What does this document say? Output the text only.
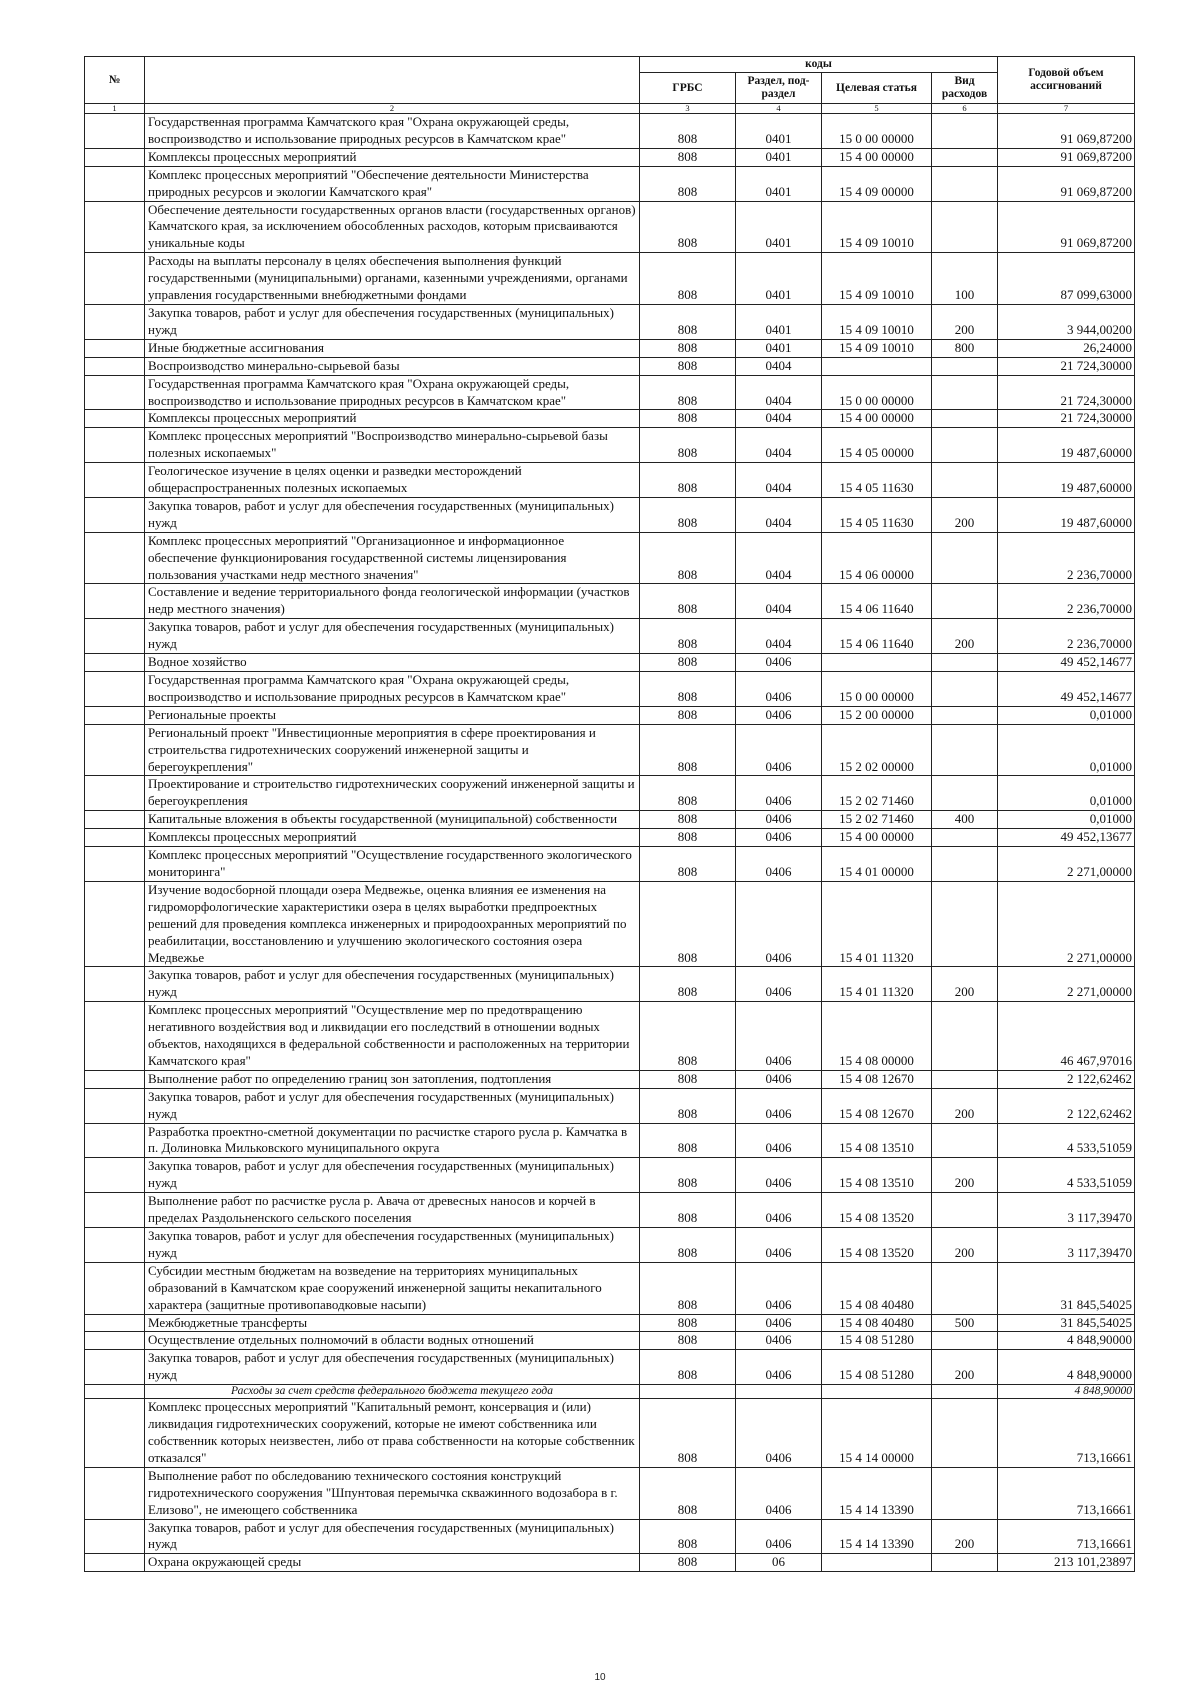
№		коды				Годовой объем ассигнований
		ГРБС	Раздел, под-раздел	Целевая статья	Вид расходов	
1	2	3	4	5	6	7
	Государственная программа Камчатского края "Охрана окружающей среды, воспроизводство и использование природных ресурсов в Камчатском крае"	808	0401	15 0 00 00000		91 069,87200
	Комплексы процессных мероприятий	808	0401	15 4 00 00000		91 069,87200
	Комплекс процессных мероприятий "Обеспечение деятельности Министерства природных ресурсов и экологии Камчатского края"	808	0401	15 4 09 00000		91 069,87200
	Обеспечение деятельности государственных органов власти (государственных органов) Камчатского края, за исключением обособленных расходов, которым присваиваются уникальные коды	808	0401	15 4 09 10010		91 069,87200
	Расходы на выплаты персоналу в целях обеспечения выполнения функций государственными (муниципальными) органами, казенными учреждениями, органами управления государственными внебюджетными фондами	808	0401	15 4 09 10010	100	87 099,63000
	Закупка товаров, работ и услуг для обеспечения государственных (муниципальных) нужд	808	0401	15 4 09 10010	200	3 944,00200
	Иные бюджетные ассигнования	808	0401	15 4 09 10010	800	26,24000
	Воспроизводство минерально-сырьевой базы	808	0404			21 724,30000
	Государственная программа Камчатского края "Охрана окружающей среды, воспроизводство и использование природных ресурсов в Камчатском крае"	808	0404	15 0 00 00000		21 724,30000
	Комплексы процессных мероприятий	808	0404	15 4 00 00000		21 724,30000
	Комплекс процессных мероприятий "Воспроизводство минерально-сырьевой базы полезных ископаемых"	808	0404	15 4 05 00000		19 487,60000
	Геологическое изучение в целях оценки и разведки месторождений общераспространенных полезных ископаемых	808	0404	15 4 05 11630		19 487,60000
	Закупка товаров, работ и услуг для обеспечения государственных (муниципальных) нужд	808	0404	15 4 05 11630	200	19 487,60000
	Комплекс процессных мероприятий "Организационное и информационное обеспечение функционирования государственной системы лицензирования пользования участками недр местного значения"	808	0404	15 4 06 00000		2 236,70000
	Составление и ведение территориального фонда геологической информации (участков недр местного значения)	808	0404	15 4 06 11640		2 236,70000
	Закупка товаров, работ и услуг для обеспечения государственных (муниципальных) нужд	808	0404	15 4 06 11640	200	2 236,70000
	Водное хозяйство	808	0406			49 452,14677
	Государственная программа Камчатского края "Охрана окружающей среды, воспроизводство и использование природных ресурсов в Камчатском крае"	808	0406	15 0 00 00000		49 452,14677
	Региональные проекты	808	0406	15 2 00 00000		0,01000
	Региональный проект "Инвестиционные мероприятия в сфере проектирования и строительства гидротехнических сооружений инженерной защиты и берегоукрепления"	808	0406	15 2 02 00000		0,01000
	Проектирование и строительство гидротехнических сооружений инженерной защиты и берегоукрепления	808	0406	15 2 02 71460		0,01000
	Капитальные вложения в объекты государственной (муниципальной) собственности	808	0406	15 2 02 71460	400	0,01000
	Комплексы процессных мероприятий	808	0406	15 4 00 00000		49 452,13677
	Комплекс процессных мероприятий "Осуществление государственного экологического мониторинга"	808	0406	15 4 01 00000		2 271,00000
	Изучение водосборной площади озера Медвежье, оценка влияния ее изменения на гидроморфологические характеристики озера в целях выработки предпроектных решений для проведения комплекса инженерных и природоохранных мероприятий по реабилитации, восстановлению и улучшению экологического состояния озера Медвежье	808	0406	15 4 01 11320		2 271,00000
	Закупка товаров, работ и услуг для обеспечения государственных (муниципальных) нужд	808	0406	15 4 01 11320	200	2 271,00000
	Комплекс процессных мероприятий "Осуществление мер по предотвращению негативного воздействия вод и ликвидации его последствий в отношении водных объектов, находящихся в федеральной собственности и расположенных на территории Камчатского края"	808	0406	15 4 08 00000		46 467,97016
	Выполнение работ по определению границ зон затопления, подтопления	808	0406	15 4 08 12670		2 122,62462
	Закупка товаров, работ и услуг для обеспечения государственных (муниципальных) нужд	808	0406	15 4 08 12670	200	2 122,62462
	Разработка проектно-сметной документации по расчистке старого русла р. Камчатка в п. Долиновка Мильковского муниципального округа	808	0406	15 4 08 13510		4 533,51059
	Закупка товаров, работ и услуг для обеспечения государственных (муниципальных) нужд	808	0406	15 4 08 13510	200	4 533,51059
	Выполнение работ по расчистке русла р. Авача от древесных наносов и корчей в пределах Раздольненского сельского поселения	808	0406	15 4 08 13520		3 117,39470
	Закупка товаров, работ и услуг для обеспечения государственных (муниципальных) нужд	808	0406	15 4 08 13520	200	3 117,39470
	Субсидии местным бюджетам на возведение на территориях муниципальных образований в Камчатском крае сооружений инженерной защиты некапитального характера (защитные противопаводковые насыпи)	808	0406	15 4 08 40480		31 845,54025
	Межбюджетные трансферты	808	0406	15 4 08 40480	500	31 845,54025
	Осуществление отдельных полномочий в области водных отношений	808	0406	15 4 08 51280		4 848,90000
	Закупка товаров, работ и услуг для обеспечения государственных (муниципальных) нужд	808	0406	15 4 08 51280	200	4 848,90000
	Расходы за счет средств федерального бюджета текущего года					4 848,90000
	Комплекс процессных мероприятий "Капитальный ремонт, консервация и (или) ликвидация гидротехнических сооружений, которые не имеют собственника или собственник которых неизвестен, либо от права собственности на которые собственник отказался"	808	0406	15 4 14 00000		713,16661
	Выполнение работ по обследованию технического состояния конструкций гидротехнического сооружения "Шпунтовая перемычка скважинного водозабора в г. Елизово", не имеющего собственника	808	0406	15 4 14 13390		713,16661
	Закупка товаров, работ и услуг для обеспечения государственных (муниципальных) нужд	808	0406	15 4 14 13390	200	713,16661
	Охрана окружающей среды	808	06			213 101,23897
10
